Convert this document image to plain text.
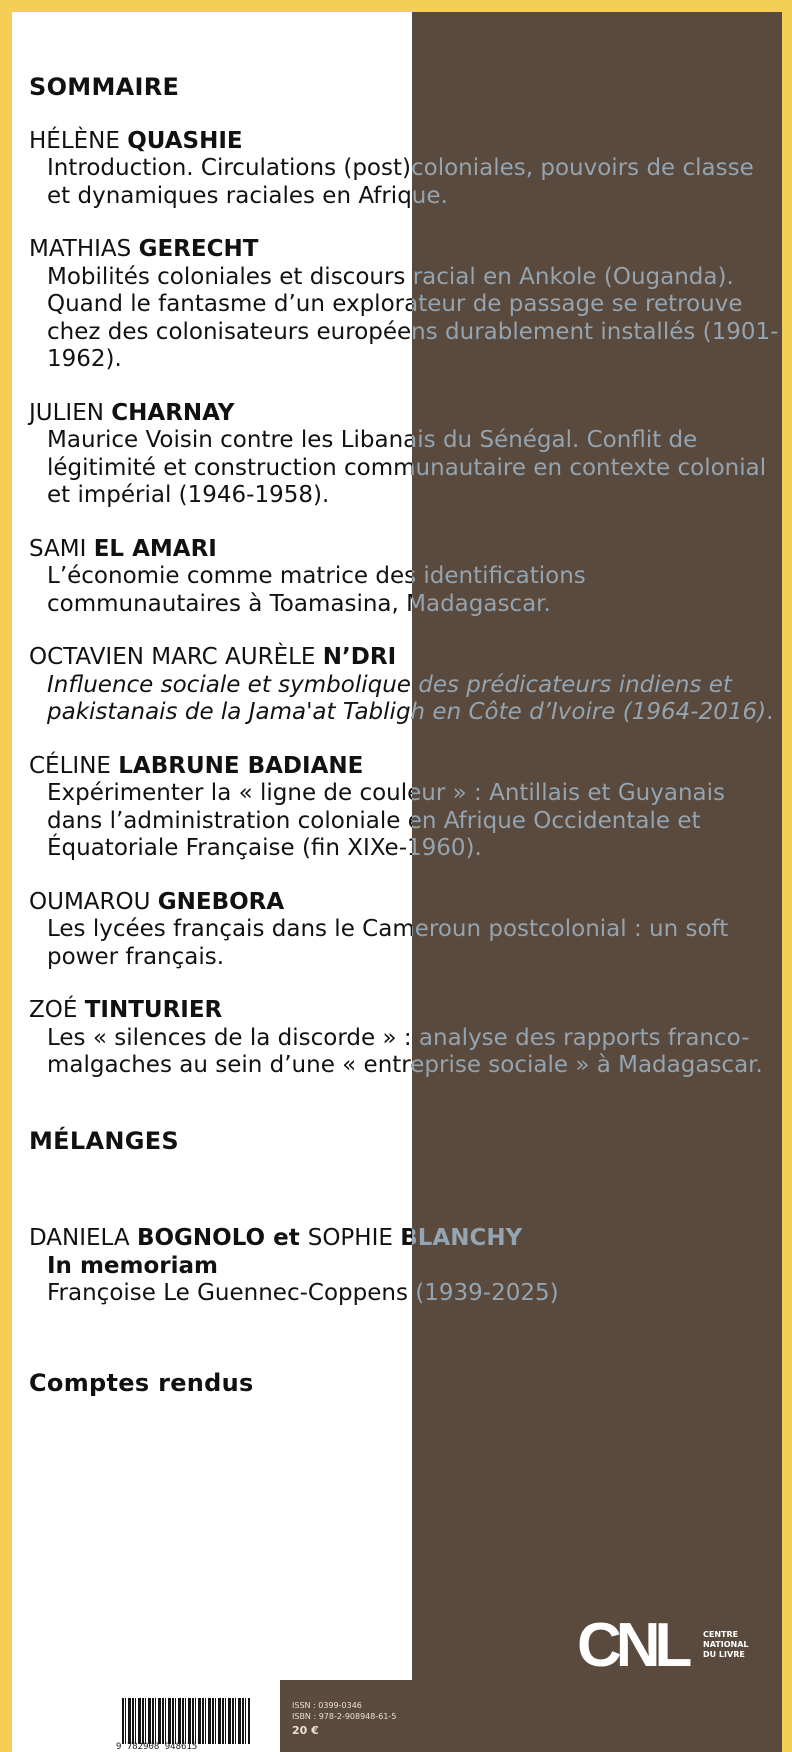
SOMMAIRE
HÉLÈNE QUASHIE
Introduction. Circulations (post)coloniales, pouvoirs de classe et dynamiques raciales en Afrique.
MATHIAS GERECHT
Mobilités coloniales et discours racial en Ankole (Ouganda). Quand le fantasme d’un explorateur de passage se retrouve chez des colonisateurs européens durablement installés (1901-1962).
JULIEN CHARNAY
Maurice Voisin contre les Libanais du Sénégal. Conflit de légitimité et construction communautaire en contexte colonial et impérial (1946-1958).
SAMI EL AMARI
L’économie comme matrice des identifications communautaires à Toamasina, Madagascar.
OCTAVIEN MARC AURÈLE N’DRI
Influence sociale et symbolique des prédicateurs indiens et pakistanais de la Jama'at Tabligh en Côte d’Ivoire (1964-2016).
CÉLINE LABRUNE BADIANE
Expérimenter la « ligne de couleur » : Antillais et Guyanais dans l’administration coloniale en Afrique Occidentale et Équatoriale Française (fin XIXe-1960).
OUMAROU GNEBORA
Les lycées français dans le Cameroun postcolonial : un soft power français.
ZOÉ TINTURIER
Les « silences de la discorde » : analyse des rapports franco-malgaches au sein d’une « entreprise sociale » à Madagascar.
MÉLANGES
DANIELA BOGNOLO et SOPHIE BLANCHY
In memoriam
Françoise Le Guennec-Coppens (1939-2025)
Comptes rendus
9 782908 948615
ISSN : 0399-0346
ISBN : 978-2-908948-61-5
20 €
CNL CENTRE
NATIONAL
DU LIVRE
